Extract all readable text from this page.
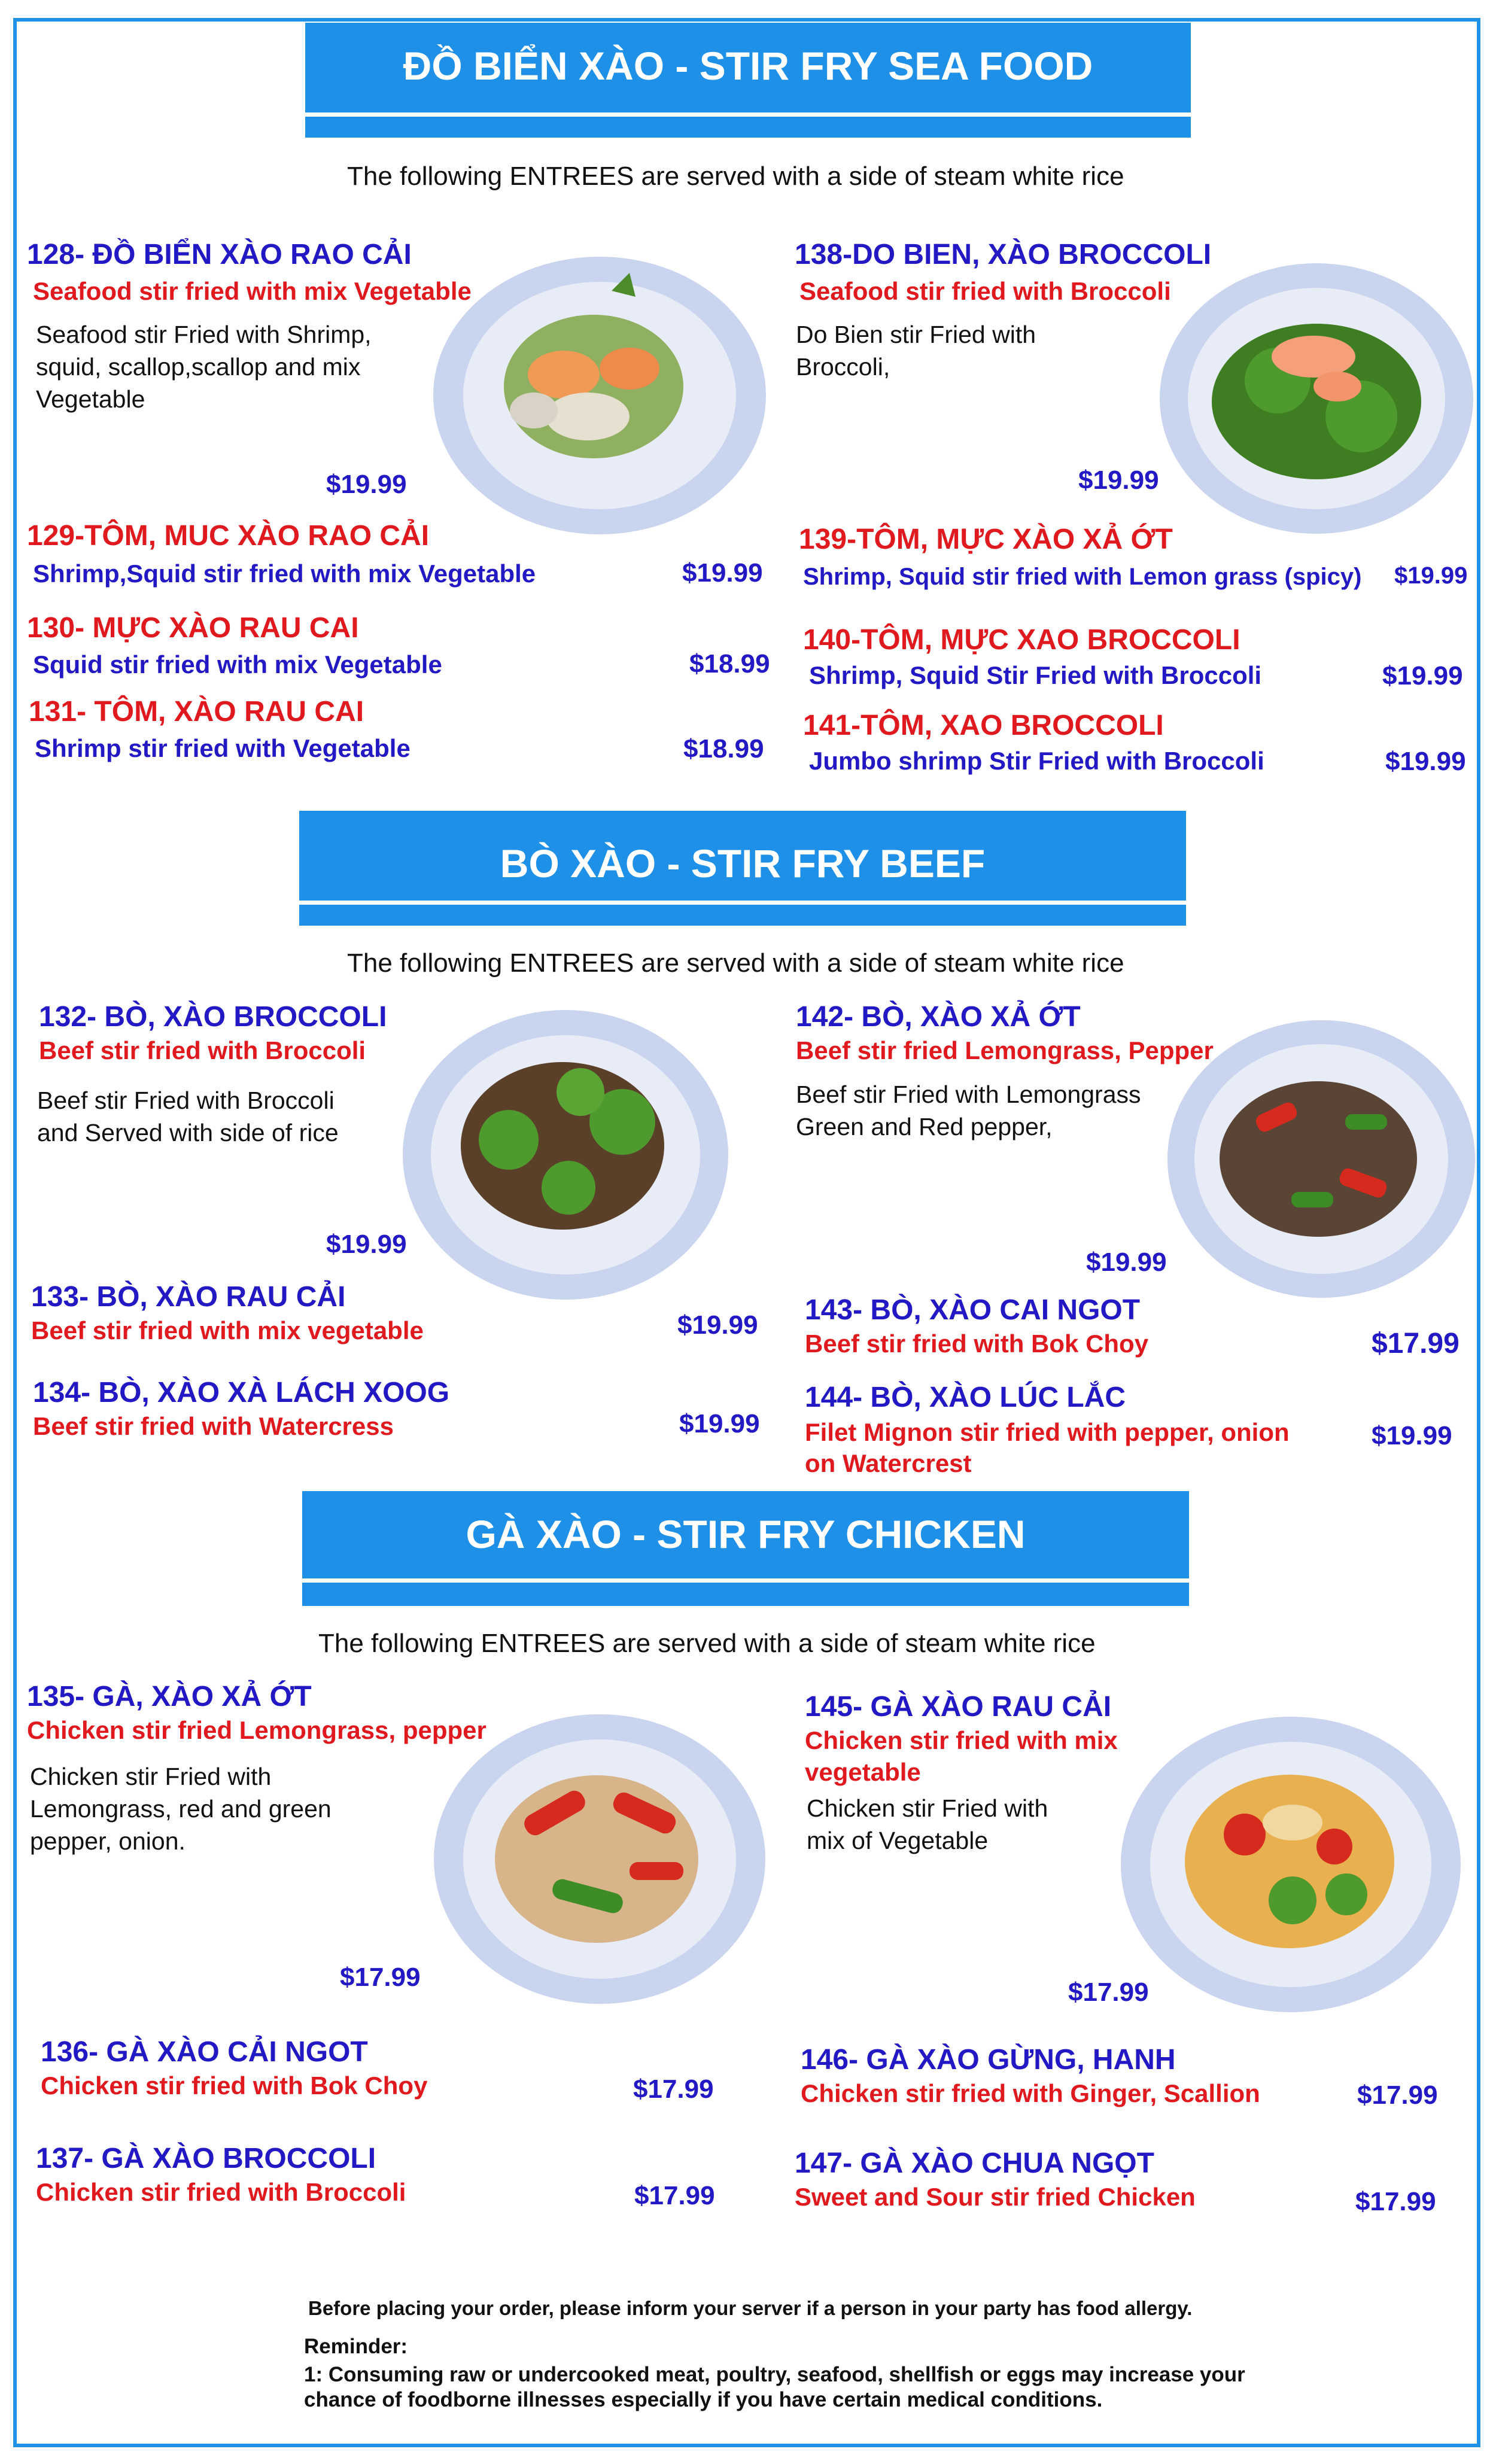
ĐỒ BIỂN XÀO - STIR FRY SEA FOOD
The following ENTREES are served with a side of steam white rice
128- ĐỒ BIỂN XÀO RAO CẢI
Seafood stir fried with mix Vegetable
Seafood stir Fried with Shrimp,
squid, scallop,scallop and mix
Vegetable
$19.99
138-DO BIEN, XÀO BROCCOLI
Seafood stir fried with Broccoli
Do Bien stir Fried with
Broccoli,
$19.99
129-TÔM, MUC XÀO RAO CẢI
Shrimp,Squid stir fried with mix Vegetable	$19.99
139-TÔM, MỰC XÀO XẢ ỚT
Shrimp, Squid stir fried with Lemon grass (spicy) $19.99
130- MỰC XÀO RAU CAI
Squid stir fried with mix Vegetable	$18.99
140-TÔM, MỰC XAO BROCCOLI
Shrimp, Squid Stir Fried with Broccoli	$19.99
131- TÔM, XÀO RAU CAI
Shrimp stir fried with Vegetable	$18.99
141-TÔM, XAO BROCCOLI
Jumbo shrimp Stir Fried with Broccoli	$19.99
BÒ XÀO - STIR FRY BEEF
The following ENTREES are served with a side of steam white rice
132- BÒ, XÀO BROCCOLI
Beef stir fried with Broccoli
Beef stir Fried with Broccoli
and Served with side of rice
$19.99
142- BÒ, XÀO XẢ ỚT
Beef stir fried Lemongrass, Pepper
Beef stir Fried with Lemongrass
Green and Red pepper,
$19.99
133- BÒ, XÀO RAU CẢI
Beef stir fried with mix vegetable	$19.99 143- BÒ, XÀO CAI NGOT
Beef stir fried with Bok Choy	$17.99
134- BÒ, XÀO XÀ LÁCH XOOG
Beef stir fried with Watercress	$19.99
144- BÒ, XÀO LÚC LẮC
Filet Mignon stir fried with pepper, onion
on Watercrest
$19.99
GÀ XÀO - STIR FRY CHICKEN
The following ENTREES are served with a side of steam white rice
135- GÀ, XÀO XẢ ỚT
Chicken stir fried Lemongrass, pepper
Chicken stir Fried with
Lemongrass, red and green
pepper, onion.
$17.99
145- GÀ XÀO RAU CẢI
Chicken stir fried with mix
vegetable
Chicken stir Fried with
mix of Vegetable
$17.99
136- GÀ XÀO CẢI NGOT
Chicken stir fried with Bok Choy	$17.99
146- GÀ XÀO GỪNG, HANH
Chicken stir fried with Ginger, Scallion	$17.99
137- GÀ XÀO BROCCOLI
Chicken stir fried with Broccoli	$17.99
147- GÀ XÀO CHUA NGỌT
Sweet and Sour stir fried Chicken	$17.99
Before placing your order, please inform your server if a person in your party has food allergy.
Reminder:
1: Consuming raw or undercooked meat, poultry, seafood, shellfish or eggs may increase your
chance of foodborne illnesses especially if you have certain medical conditions.
